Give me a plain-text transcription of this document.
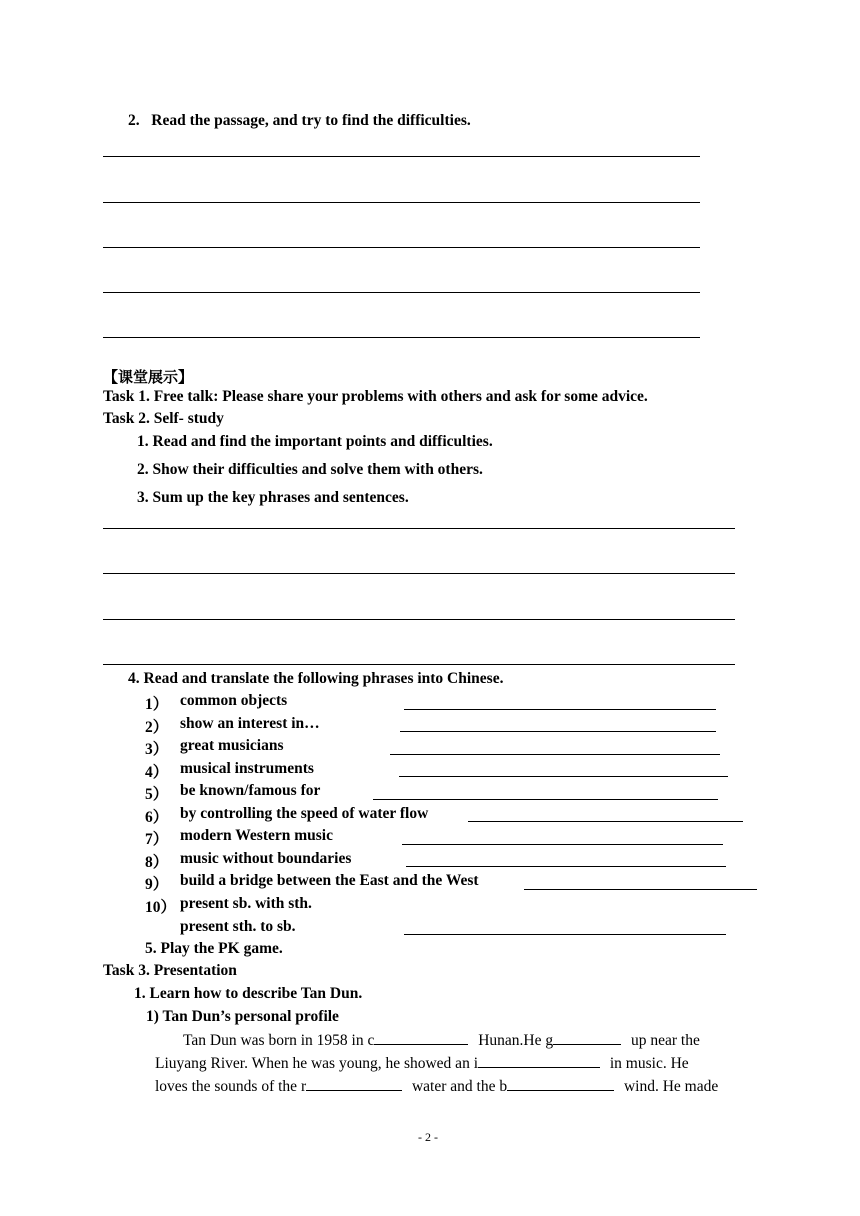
2.   Read the passage, and try to find the difficulties.
【课堂展示】
Task 1. Free talk: Please share your problems with others and ask for some advice.
Task 2. Self- study
1. Read and find the important points and difficulties.
2. Show their difficulties and solve them with others.
3. Sum up the key phrases and sentences.
4. Read and translate the following phrases into Chinese.
1） common objects
2） show an interest in…
3） great musicians
4） musical instruments
5） be known/famous for
6） by controlling the speed of water flow
7） modern Western music
8） music without boundaries
9） build a bridge between the East and the West
10） present sb. with sth.
present sth. to sb.
5. Play the PK game.
Task 3. Presentation
1. Learn how to describe Tan Dun.
1) Tan Dun’s personal profile
Tan Dun was born in 1958 in c	Hunan.He g	up near the
Liuyang River. When he was young, he showed an i	in music. He
loves the sounds of the r	water and the b	wind. He made
- 2 -
